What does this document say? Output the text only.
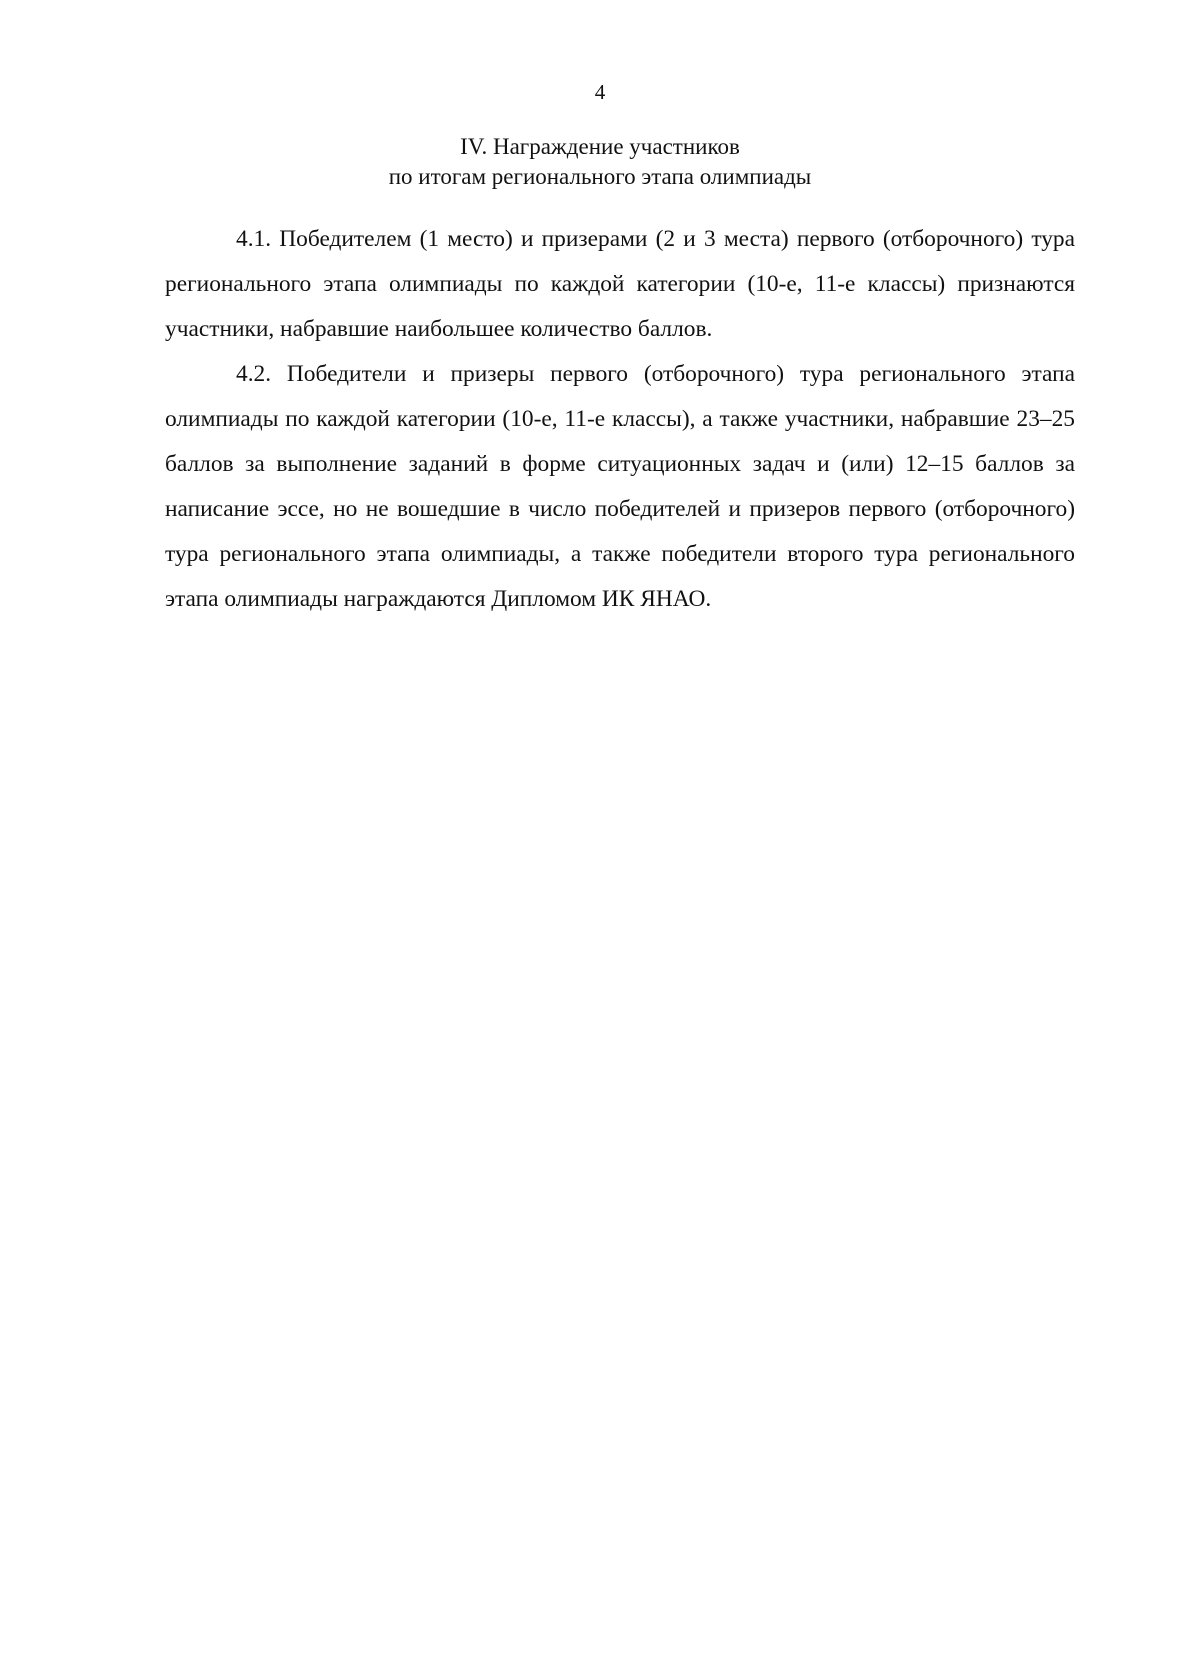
4
IV. Награждение участников
по итогам регионального этапа олимпиады

4.1. Победителем (1 место) и призерами (2 и 3 места) первого (отборочного) тура регионального этапа олимпиады по каждой категории (10-е, 11-е классы) признаются участники, набравшие наибольшее количество баллов.

4.2. Победители и призеры первого (отборочного) тура регионального этапа олимпиады по каждой категории (10-е, 11-е классы), а также участники, набравшие 23–25 баллов за выполнение заданий в форме ситуационных задач и (или) 12–15 баллов за написание эссе, но не вошедшие в число победителей и призеров первого (отборочного) тура регионального этапа олимпиады, а также победители второго тура регионального этапа олимпиады награждаются Дипломом ИК ЯНАО.
